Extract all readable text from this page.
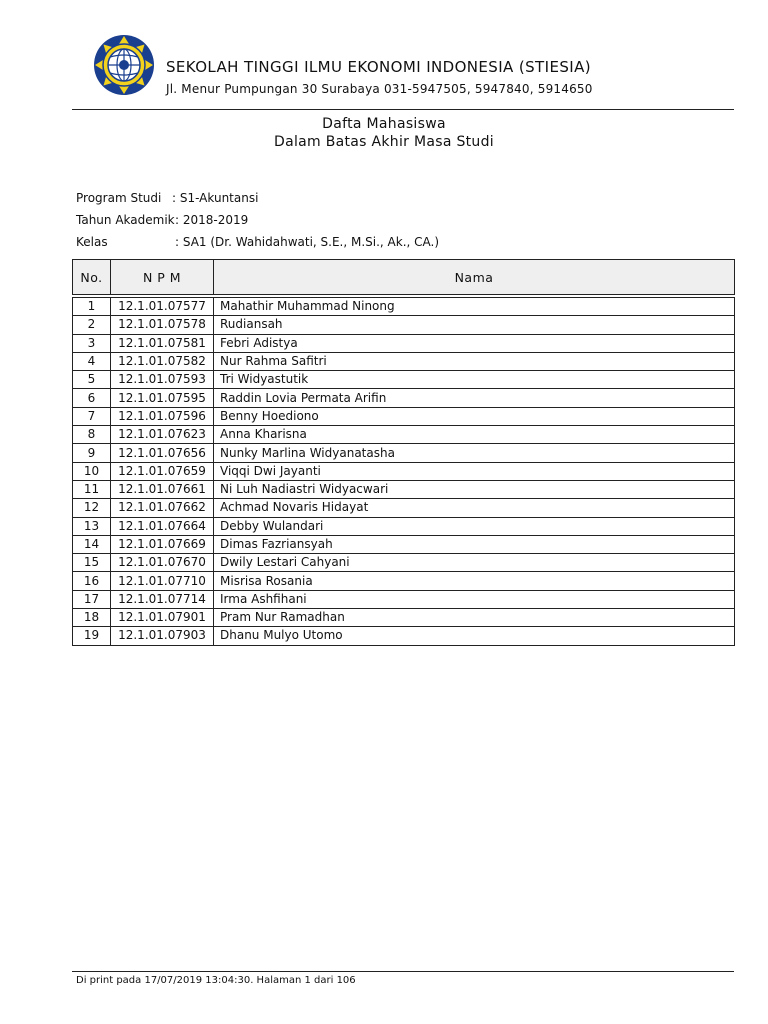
SEKOLAH TINGGI ILMU EKONOMI INDONESIA (STIESIA)
Jl. Menur Pumpungan 30 Surabaya 031-5947505, 5947840, 5914650
Dafta Mahasiswa
Dalam Batas Akhir Masa Studi
Program Studi : S1-Akuntansi
Tahun Akademik : 2018-2019
Kelas	: SA1 (Dr. Wahidahwati, S.E., M.Si., Ak., CA.)
No.	N P M	Nama

1	12.1.01.07577	Mahathir Muhammad Ninong
2	12.1.01.07578	Rudiansah
3	12.1.01.07581	Febri Adistya
4	12.1.01.07582	Nur Rahma Safitri
5	12.1.01.07593	Tri Widyastutik
6	12.1.01.07595	Raddin Lovia Permata Arifin
7	12.1.01.07596	Benny Hoediono
8	12.1.01.07623	Anna Kharisna
9	12.1.01.07656	Nunky Marlina Widyanatasha
10	12.1.01.07659	Viqqi Dwi Jayanti
11	12.1.01.07661	Ni Luh Nadiastri Widyacwari
12	12.1.01.07662	Achmad Novaris Hidayat
13	12.1.01.07664	Debby Wulandari
14	12.1.01.07669	Dimas Fazriansyah
15	12.1.01.07670	Dwily Lestari Cahyani
16	12.1.01.07710	Misrisa Rosania
17	12.1.01.07714	Irma Ashfihani
18	12.1.01.07901	Pram Nur Ramadhan
19	12.1.01.07903	Dhanu Mulyo Utomo
Di print pada 17/07/2019 13:04:30. Halaman 1 dari 106
